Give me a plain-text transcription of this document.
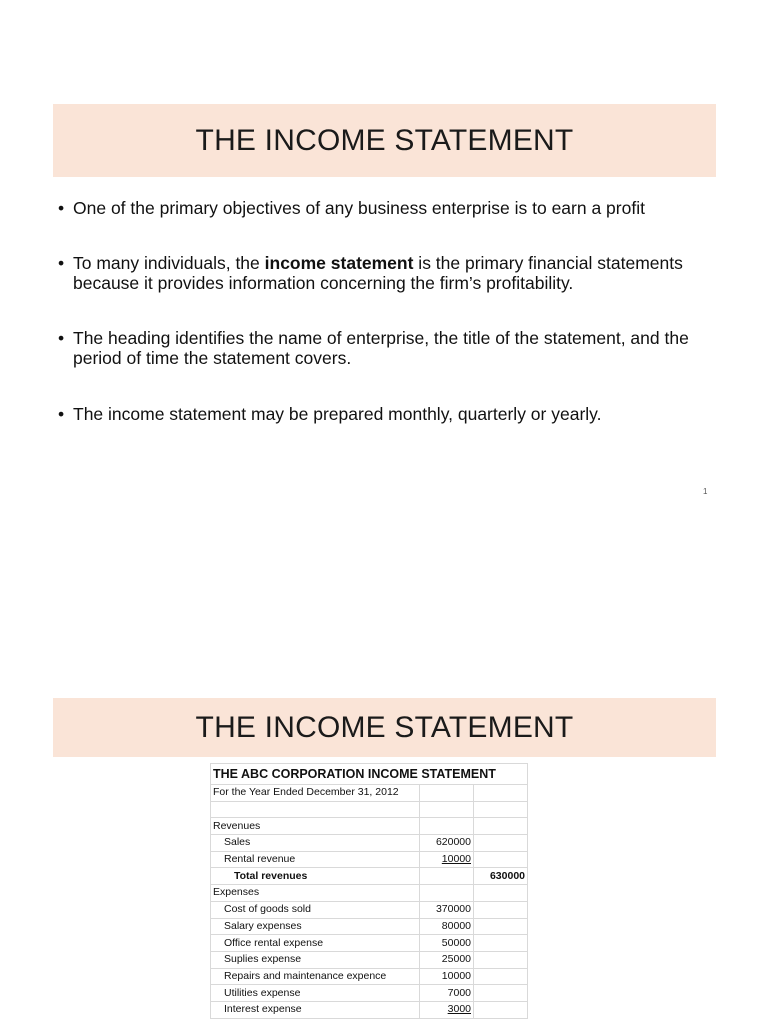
THE INCOME STATEMENT
• One of the primary objectives of any business enterprise is to earn a profit
• To many individuals, the income statement is the primary financial statements because it provides information concerning the firm’s profitability.
• The heading identifies the name of enterprise, the title of the statement, and the period of time the statement covers.
• The income statement may be prepared monthly, quarterly or yearly.
1
THE INCOME STATEMENT
THE ABC CORPORATION INCOME STATEMENT		
For the Year Ended December 31, 2012		

Revenues		
Sales	620000	
Rental revenue	10000	
Total revenues		630000
Expenses		
Cost of goods sold	370000	
Salary expenses	80000	
Office rental expense	50000	
Suplies expense	25000	
Repairs and maintenance expence	10000	
Utilities expense	7000	
Interest expense	3000	
